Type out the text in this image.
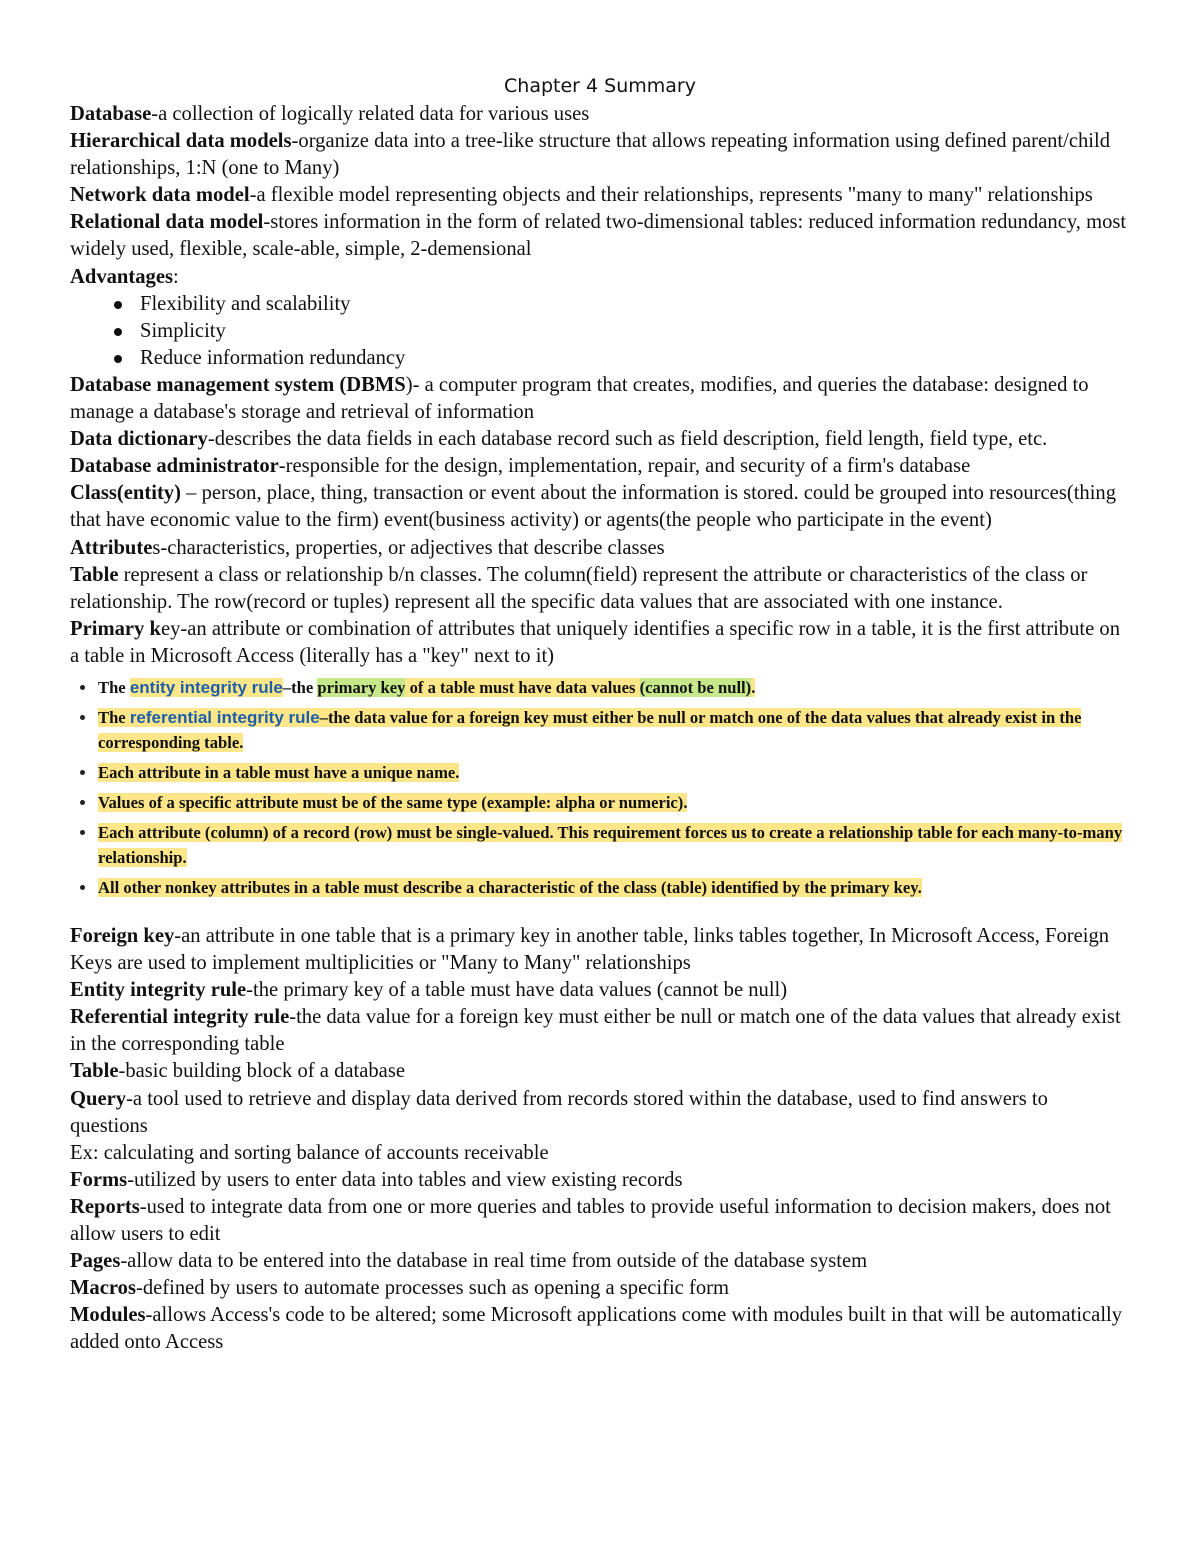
Chapter 4 Summary

Database-a collection of logically related data for various uses

Hierarchical data models-organize data into a tree-like structure that allows repeating information using defined parent/child relationships, 1:N (one to Many)

Network data model-a flexible model representing objects and their relationships, represents "many to many" relationships

Relational data model-stores information in the form of related two-dimensional tables: reduced information redundancy, most widely used, flexible, scale-able, simple, 2-demensional

Advantages:

Flexibility and scalability
Simplicity
Reduce information redundancy

Database management system (DBMS)- a computer program that creates, modifies, and queries the database: designed to manage a database's storage and retrieval of information

Data dictionary-describes the data fields in each database record such as field description, field length, field type, etc.

Database administrator-responsible for the design, implementation, repair, and security of a firm's database

Class(entity) – person, place, thing, transaction or event about the information is stored. could be grouped into resources(thing that have economic value to the firm) event(business activity) or agents(the people who participate in the event)

Attributes-characteristics, properties, or adjectives that describe classes

Table represent a class or relationship b/n classes. The column(field) represent the attribute or characteristics of the class or relationship. The row(record or tuples) represent all the specific data values that are associated with one instance.

Primary key-an attribute or combination of attributes that uniquely identifies a specific row in a table, it is the first attribute on a table in Microsoft Access (literally has a "key" next to it)

The entity integrity rule–the primary key of a table must have data values (cannot be null).
The referential integrity rule–the data value for a foreign key must either be null or match one of the data values that already exist in the corresponding table.
Each attribute in a table must have a unique name.
Values of a specific attribute must be of the same type (example: alpha or numeric).
Each attribute (column) of a record (row) must be single-valued. This requirement forces us to create a relationship table for each many-to-many relationship.
All other nonkey attributes in a table must describe a characteristic of the class (table) identified by the primary key.

Foreign key-an attribute in one table that is a primary key in another table, links tables together, In Microsoft Access, Foreign Keys are used to implement multiplicities or "Many to Many" relationships

Entity integrity rule-the primary key of a table must have data values (cannot be null)

Referential integrity rule-the data value for a foreign key must either be null or match one of the data values that already exist in the corresponding table

Table-basic building block of a database

Query-a tool used to retrieve and display data derived from records stored within the database, used to find answers to questions

Ex: calculating and sorting balance of accounts receivable

Forms-utilized by users to enter data into tables and view existing records

Reports-used to integrate data from one or more queries and tables to provide useful information to decision makers, does not allow users to edit

Pages-allow data to be entered into the database in real time from outside of the database system

Macros-defined by users to automate processes such as opening a specific form

Modules-allows Access's code to be altered; some Microsoft applications come with modules built in that will be automatically added onto Access
